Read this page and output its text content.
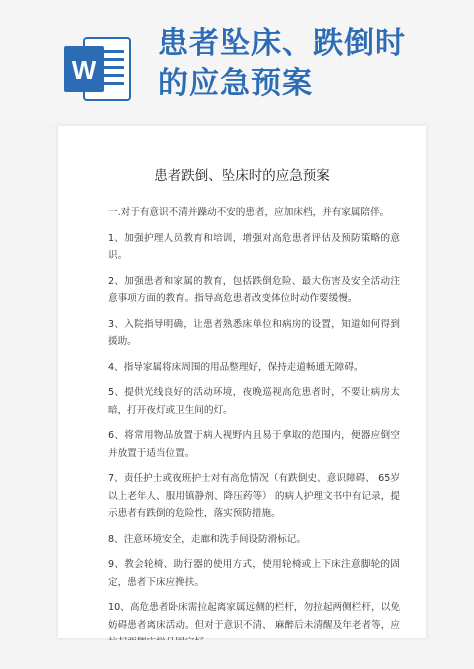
W
患者坠床、跌倒时
的应急预案
患者跌倒、坠床时的应急预案

一.对于有意识不清并躁动不安的患者，应加床档，并有家属陪伴。

1、加强护理人员教育和培训，增强对高危患者评估及预防策略的意识。

2、加强患者和家属的教育，包括跌倒危险、最大伤害及安全活动注意事项方面的教育。指导高危患者改变体位时动作要缓慢。

3、入院指导明确，让患者熟悉床单位和病房的设置，知道如何得到援助。

4、指导家属将床周围的用品整理好，保持走道畅通无障碍。

5、提供光线良好的活动环境，夜晚巡视高危患者时，不要让病房太暗，打开夜灯或卫生间的灯。

6、将常用物品放置于病人视野内且易于拿取的范围内，便器应倒空并放置于适当位置。

7、责任护士或夜班护士对有高危情况（有跌倒史、意识障碍、 65岁以上老年人、服用镇静剂、降压药等） 的病人护理文书中有记录，提示患者有跌倒的危险性，落实预防措施。

8、注意环境安全，走廊和洗手间设防滑标记。

9、教会轮椅、助行器的使用方式，使用轮椅或上下床注意脚轮的固定，患者下床应搀扶。

10、高危患者卧床需拉起离家属远侧的栏杆，勿拉起两侧栏杆，以免妨碍患者离床活动。但对于意识不清、 麻醉后未清醒及年老者等，应
